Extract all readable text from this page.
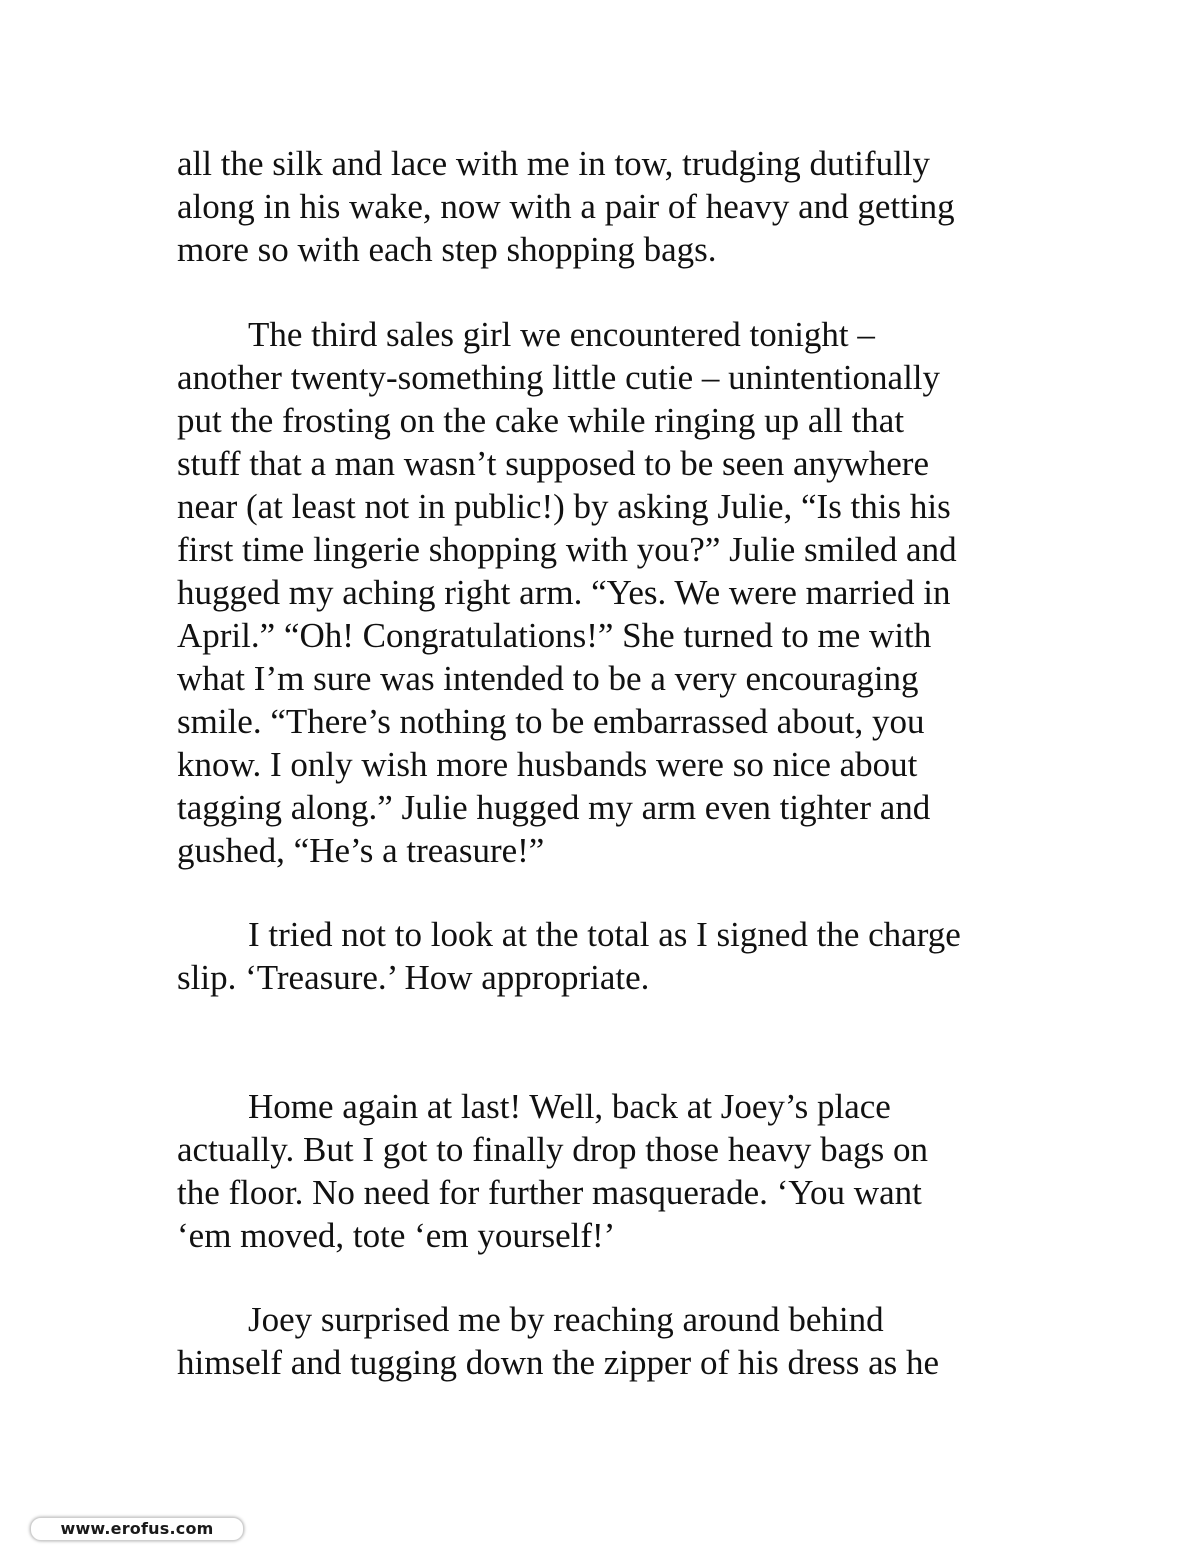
all the silk and lace with me in tow, trudging dutifully

along in his wake, now with a pair of heavy and getting

more so with each step shopping bags.

The third sales girl we encountered tonight –

another twenty-something little cutie – unintentionally

put the frosting on the cake while ringing up all that

stuff that a man wasn’t supposed to be seen anywhere

near (at least not in public!) by asking Julie, “Is this his

first time lingerie shopping with you?” Julie smiled and

hugged my aching right arm. “Yes. We were married in

April.” “Oh! Congratulations!” She turned to me with

what I’m sure was intended to be a very encouraging

smile. “There’s nothing to be embarrassed about, you

know. I only wish more husbands were so nice about

tagging along.” Julie hugged my arm even tighter and

gushed, “He’s a treasure!”

I tried not to look at the total as I signed the charge

slip. ‘Treasure.’ How appropriate.

Home again at last! Well, back at Joey’s place

actually. But I got to finally drop those heavy bags on

the floor. No need for further masquerade. ‘You want

‘em moved, tote ‘em yourself!’

Joey surprised me by reaching around behind

himself and tugging down the zipper of his dress as he

www.erofus.com
